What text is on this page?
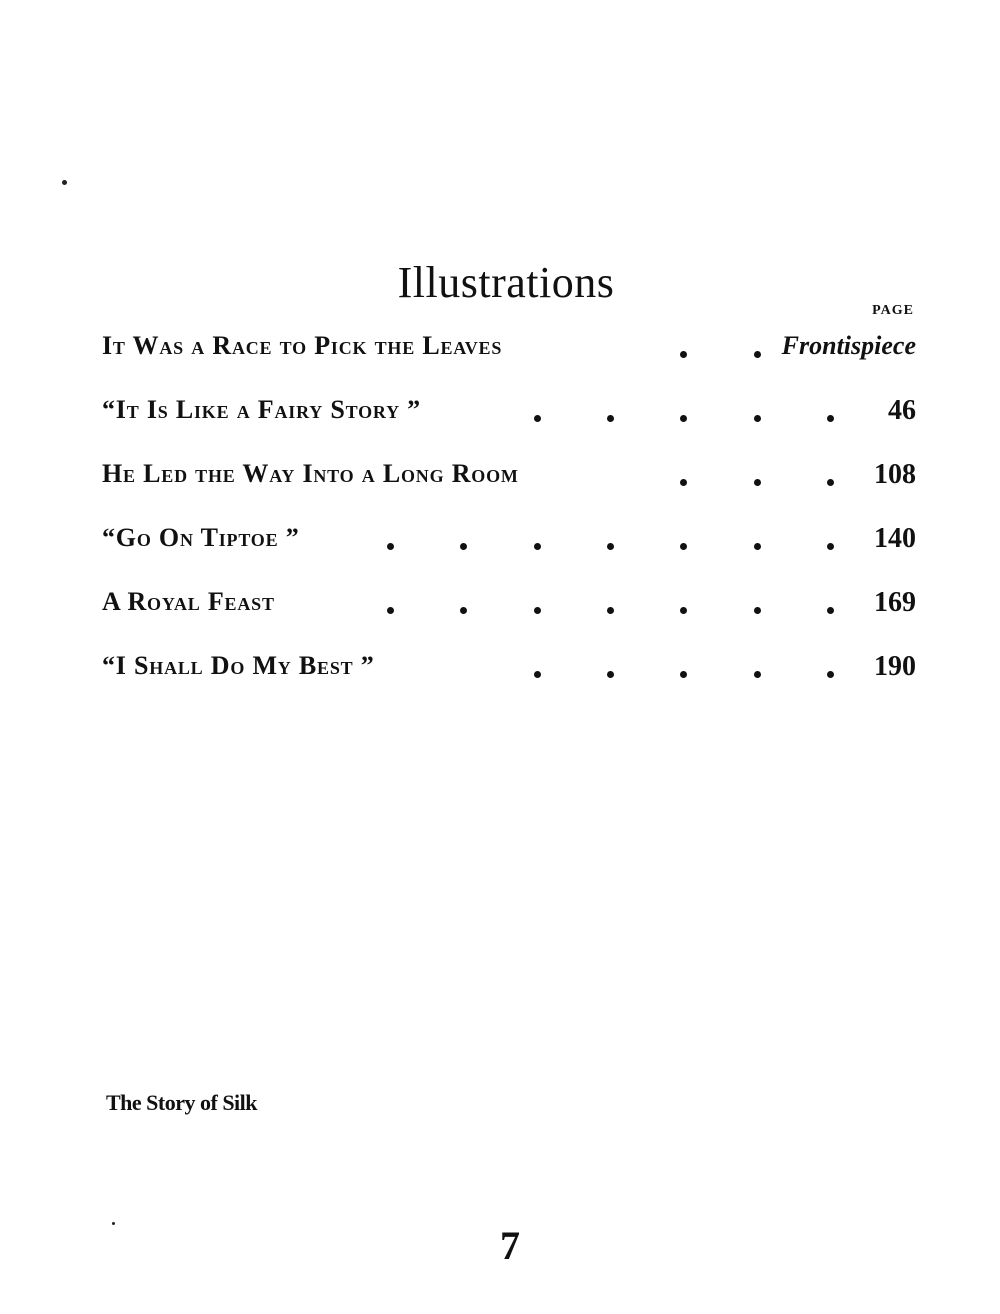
Illustrations
PAGE
It Was a Race to Pick the Leaves	Frontispiece
“It Is Like a Fairy Story ”	46
He Led the Way Into a Long Room	108
“Go On Tiptoe ”	140
A Royal Feast	169
“I Shall Do My Best ”	190
The Story of Silk
7
